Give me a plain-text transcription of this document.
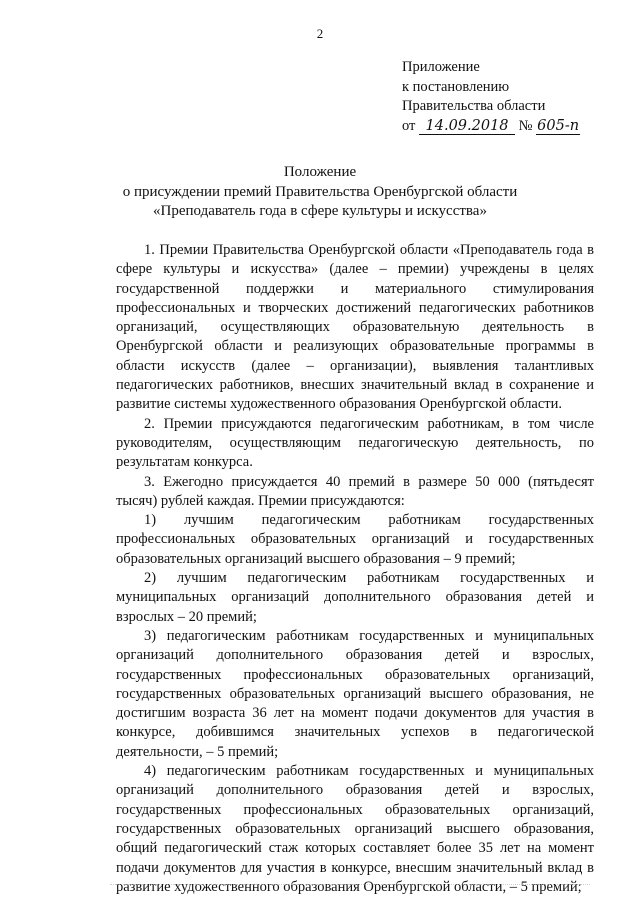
2
Приложение
к постановлению
Правительства области
от 14.09.2018 № 605-п
Положение
о присуждении премий Правительства Оренбургской области
«Преподаватель года в сфере культуры и искусства»

1. Премии Правительства Оренбургской области «Преподаватель года в сфере культуры и искусства» (далее – премии) учреждены в целях государственной поддержки и материального стимулирования профессиональных и творческих достижений педагогических работников организаций, осуществляющих образовательную деятельность в Оренбургской области и реализующих образовательные программы в области искусств (далее – организации), выявления талантливых педагогических работников, внесших значительный вклад в сохранение и развитие системы художественного образования Оренбургской области.

2. Премии присуждаются педагогическим работникам, в том числе руководителям, осуществляющим педагогическую деятельность, по результатам конкурса.

3. Ежегодно присуждается 40 премий в размере 50 000 (пятьдесят тысяч) рублей каждая. Премии присуждаются:

1) лучшим педагогическим работникам государственных профессиональных образовательных организаций и государственных образовательных организаций высшего образования – 9 премий;

2) лучшим педагогическим работникам государственных и муниципальных организаций дополнительного образования детей и взрослых – 20 премий;

3) педагогическим работникам государственных и муниципальных организаций дополнительного образования детей и взрослых, государственных профессиональных образовательных организаций, государственных образовательных организаций высшего образования, не достигшим возраста 36 лет на момент подачи документов для участия в конкурсе, добившимся значительных успехов в педагогической деятельности, – 5 премий;

4) педагогическим работникам государственных и муниципальных организаций дополнительного образования детей и взрослых, государственных профессиональных образовательных организаций, государственных образовательных организаций высшего образования, общий педагогический стаж которых составляет более 35 лет на момент подачи документов для участия в конкурсе, внесшим значительный вклад в развитие художественного образования Оренбургской области, – 5 премий;
